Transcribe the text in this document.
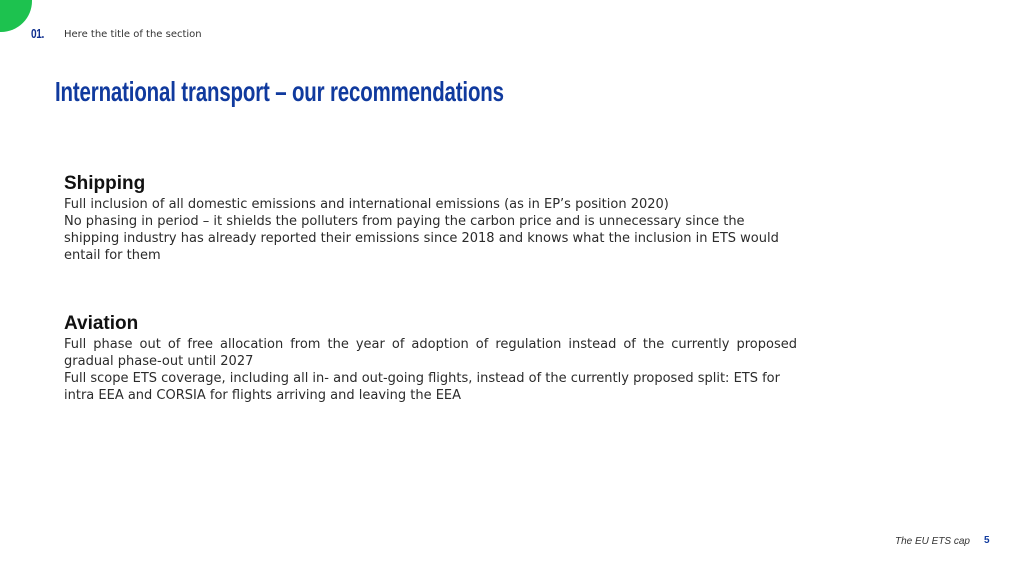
01. Here the title of the section
International transport – our recommendations
Shipping

Full inclusion of all domestic emissions and international emissions (as in EP’s position 2020)

No phasing in period – it shields the polluters from paying the carbon price and is unnecessary since the shipping industry has already reported their emissions since 2018 and knows what the inclusion in ETS would entail for them

Aviation

Full phase out of free allocation from the year of adoption of regulation instead of the currently proposed gradual phase-out until 2027

Full scope ETS coverage, including all in- and out-going flights, instead of the currently proposed split: ETS for intra EEA and CORSIA for flights arriving and leaving the EEA

The EU ETS cap 5
